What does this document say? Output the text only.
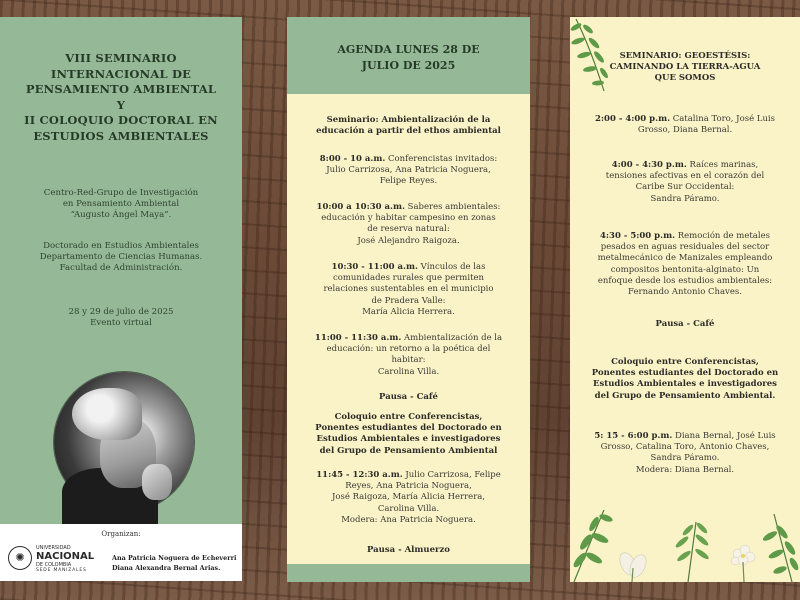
VIII SEMINARIO
INTERNACIONAL DE
PENSAMIENTO AMBIENTAL
Y
II COLOQUIO DOCTORAL EN
ESTUDIOS AMBIENTALES
Centro-Red-Grupo de Investigación
en Pensamiento Ambiental
“Augusto Ángel Maya”.
Doctorado en Estudios Ambientales
Departamento de Ciencias Humanas.
Facultad de Administración.
28 y 29 de julio de 2025
Evento virtual
Organizan:
✺
UNIVERSIDAD
NACIONAL
DE COLOMBIA
SEDE MANIZALES
Ana Patricia Noguera de Echeverri
Diana Alexandra Bernal Arias.
AGENDA LUNES 28 DE
JULIO DE 2025
Seminario: Ambientalización de la
educación a partir del ethos ambiental
8:00 - 10 a.m. Conferencistas invitados:
Julio Carrizosa, Ana Patricia Noguera,
Felipe Reyes.
10:00 a 10:30 a.m. Saberes ambientales:
educación y habitar campesino en zonas
de reserva natural:
José Alejandro Raigoza.
10:30 - 11:00 a.m. Vínculos de las
comunidades rurales que permiten
relaciones sustentables en el municipio
de Pradera Valle:
María Alicia Herrera.
11:00 - 11:30 a.m. Ambientalización de la
educación: un retorno a la poética del
habitar:
Carolina Villa.
Pausa - Café
Coloquio entre Conferencistas,
Ponentes estudiantes del Doctorado en
Estudios Ambientales e investigadores
del Grupo de Pensamiento Ambiental
11:45 - 12:30 a.m. Julio Carrizosa, Felipe
Reyes, Ana Patricia Noguera,
José Raigoza, María Alicia Herrera,
Carolina Villa.
Modera: Ana Patricia Noguera.
Pausa - Almuerzo
SEMINARIO: GEOESTÉSIS:
CAMINANDO LA TIERRA-AGUA
QUE SOMOS
2:00 - 4:00 p.m. Catalina Toro, José Luis
Grosso, Diana Bernal.
4:00 - 4:30 p.m. Raíces marinas,
tensiones afectivas en el corazón del
Caribe Sur Occidental:
Sandra Páramo.
4:30 - 5:00 p.m. Remoción de metales
pesados en aguas residuales del sector
metalmecánico de Manizales empleando
compositos bentonita-alginato: Un
enfoque desde los estudios ambientales:
Fernando Antonio Chaves.
Pausa - Café
Coloquio entre Conferencistas,
Ponentes estudiantes del Doctorado en
Estudios Ambientales e investigadores
del Grupo de Pensamiento Ambiental.
5: 15 - 6:00 p.m. Diana Bernal, José Luis
Grosso, Catalina Toro, Antonio Chaves,
Sandra Páramo.
Modera: Diana Bernal.
